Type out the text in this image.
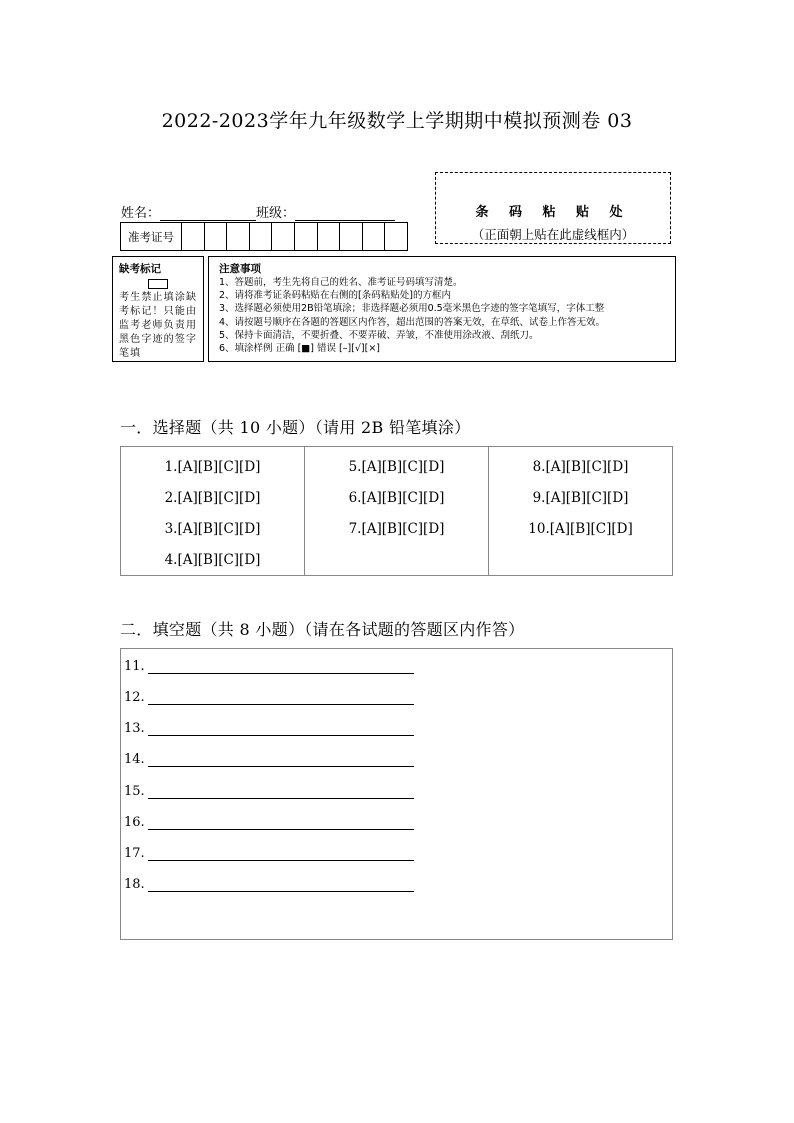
2022-2023学年九年级数学上学期期中模拟预测卷 03
姓名：	班级：
准考证号
条 码 粘 贴 处
（正面朝上贴在此虚线框内）
缺考标记
考生禁止填涂缺考标记！只能由监考老师负责用黑色字迹的签字笔填
注意事项
1、答题前，考生先将自己的姓名、准考证号码填写清楚。
2、请将准考证条码粘贴在右侧的[条码粘贴处]的方框内
3、选择题必须使用2B铅笔填涂；非选择题必须用0.5毫米黑色字迹的签字笔填写，字体工整
4、请按题号顺序在各题的答题区内作答，超出范围的答案无效，在草纸、试卷上作答无效。
5、保持卡面清洁，不要折叠、不要弄破、弄皱，不准使用涂改液、刮纸刀。
6、填涂样例 正确 [■] 错误 [–][√][×]
一．选择题（共 10 小题）（请用 2B 铅笔填涂）
1.[A][B][C][D]
2.[A][B][C][D]
3.[A][B][C][D]
4.[A][B][C][D]
5.[A][B][C][D]
6.[A][B][C][D]
7.[A][B][C][D]
8.[A][B][C][D]
9.[A][B][C][D]
10.[A][B][C][D]
二．填空题（共 8 小题）（请在各试题的答题区内作答）
11.
12.
13.
14.
15.
16.
17.
18.
